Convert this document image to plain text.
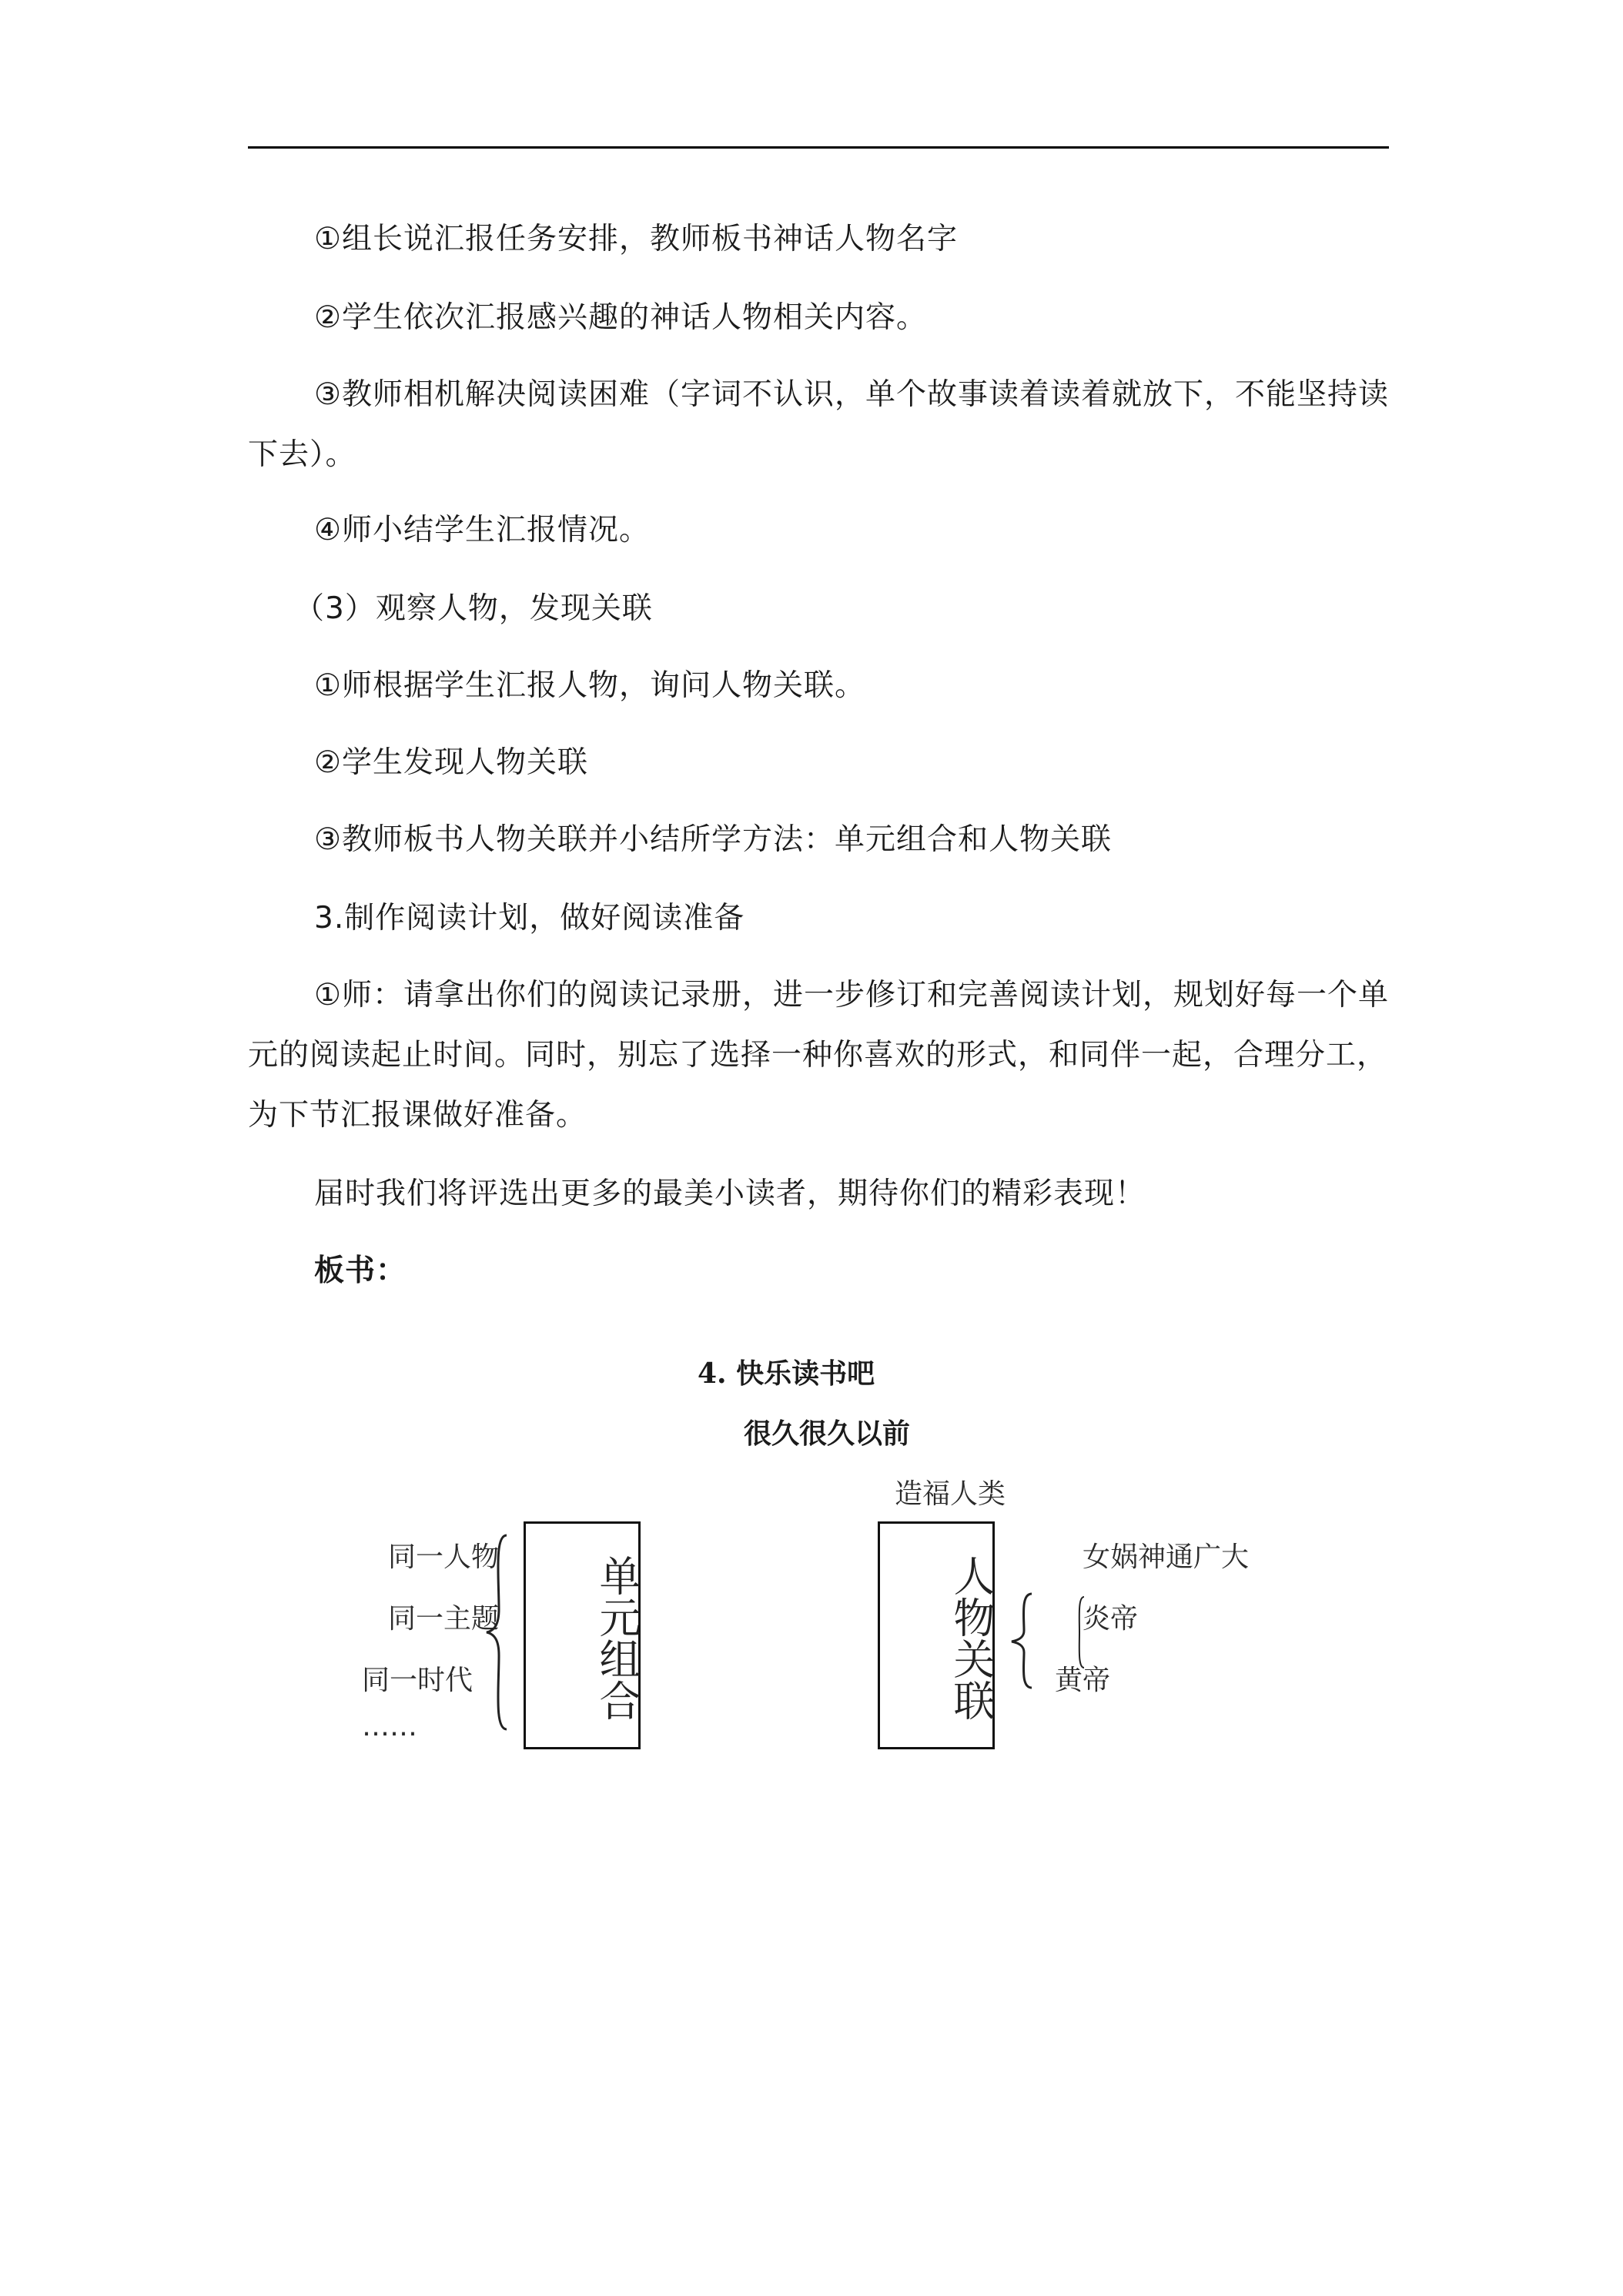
①组长说汇报任务安排，教师板书神话人物名字

②学生依次汇报感兴趣的神话人物相关内容。

③教师相机解决阅读困难（字词不认识，单个故事读着读着就放下，不能坚持读下去）。

④师小结学生汇报情况。

（3）观察人物，发现关联

①师根据学生汇报人物，询问人物关联。

②学生发现人物关联

③教师板书人物关联并小结所学方法：单元组合和人物关联

3.制作阅读计划，做好阅读准备

①师：请拿出你们的阅读记录册，进一步修订和完善阅读计划，规划好每一个单元的阅读起止时间。同时，别忘了选择一种你喜欢的形式，和同伴一起，合理分工，为下节汇报课做好准备。

届时我们将评选出更多的最美小读者，期待你们的精彩表现！

板书：

4. 快乐读书吧
很久很久以前
同一人物
同一主题
同一时代
……
单元组合
造福人类
人物关联	女娲神通广大
炎帝
黄帝
